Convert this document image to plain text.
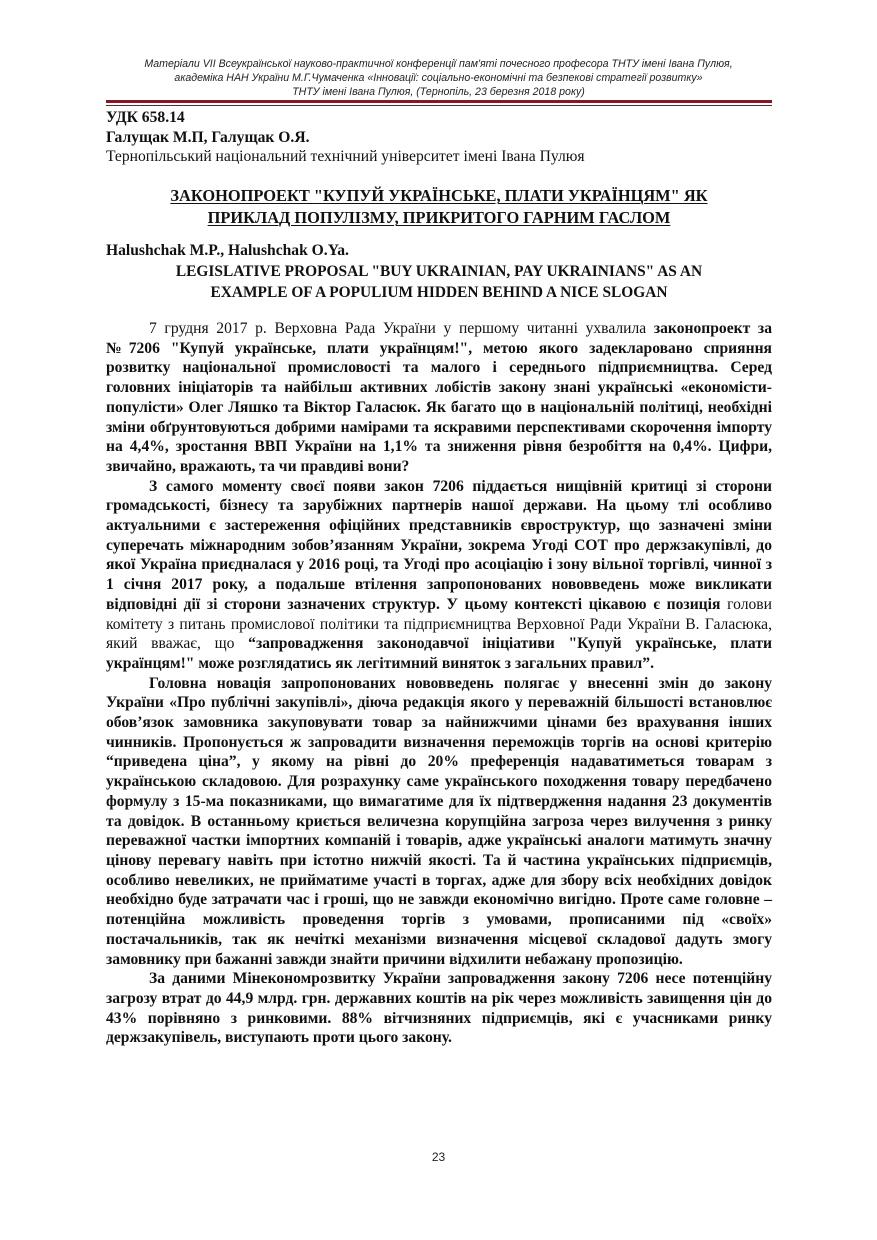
Матеріали VII Всеукраїнської науково-практичної конференції пам'яті почесного професора ТНТУ імені Івана Пулюя,
академіка НАН України М.Г.Чумаченка «Інновації: соціально-економічні та безпекові стратегії розвитку»
ТНТУ імені Івана Пулюя, (Тернопіль, 23 березня 2018 року)
УДК 658.14
Галущак М.П, Галущак О.Я.
Тернопільський національний технічний університет імені Івана Пулюя
ЗАКОНОПРОЕКТ "КУПУЙ УКРАЇНСЬКЕ, ПЛАТИ УКРАЇНЦЯМ" ЯК
ПРИКЛАД ПОПУЛІЗМУ, ПРИКРИТОГО ГАРНИМ ГАСЛОМ
Halushchak M.P., Halushchak O.Ya.
LEGISLATIVE PROPOSAL "BUY UKRAINIAN, PAY UKRAINIANS" AS AN
EXAMPLE OF A POPULIUM HIDDEN BEHIND A NICE SLOGAN

7 грудня 2017 р. Верховна Рада України у першому читанні ухвалила законопроект за №7206 "Купуй українське, плати українцям!", метою якого задекларовано сприяння розвитку національної промисловості та малого і середнього підприємництва. Серед головних ініціаторів та найбільш активних лобістів закону знані українські «економісти-популісти» Олег Ляшко та Віктор Галасюк. Як багато що в національній політиці, необхідні зміни обґрунтовуються добрими намірами та яскравими перспективами скорочення імпорту на 4,4%, зростання ВВП України на 1,1% та зниження рівня безробіття на 0,4%. Цифри, звичайно, вражають, та чи правдиві вони?

З самого моменту своєї появи закон 7206 піддається нищівній критиці зі сторони громадськості, бізнесу та зарубіжних партнерів нашої держави. На цьому тлі особливо актуальними є застереження офіційних представників євроструктур, що зазначені зміни суперечать міжнародним зобов’язанням України, зокрема Угоді СОТ про держзакупівлі, до якої Україна приєдналася у 2016 році, та Угоді про асоціацію і зону вільної торгівлі, чинної з 1 січня 2017 року, а подальше втілення запропонованих нововведень може викликати відповідні дії зі сторони зазначених структур. У цьому контексті цікавою є позиція голови комітету з питань промислової політики та підприємництва Верховної Ради України В. Галасюка, який вважає, що “запровадження законодавчої ініціативи "Купуй українське, плати українцям!" може розглядатись як легітимний виняток з загальних правил”.

Головна новація запропонованих нововведень полягає у внесенні змін до закону України «Про публічні закупівлі», діюча редакція якого у переважній більшості встановлює обов’язок замовника закуповувати товар за найнижчими цінами без врахування інших чинників. Пропонується ж запровадити визначення переможців торгів на основі критерію “приведена ціна”, у якому на рівні до 20% преференція надаватиметься товарам з українською складовою. Для розрахунку саме українського походження товару передбачено формулу з 15-ма показниками, що вимагатиме для їх підтвердження надання 23 документів та довідок. В останньому криється величезна корупційна загроза через вилучення з ринку переважної частки імпортних компаній і товарів, адже українські аналоги матимуть значну цінову перевагу навіть при істотно нижчій якості. Та й частина українських підприємців, особливо невеликих, не прийматиме участі в торгах, адже для збору всіх необхідних довідок необхідно буде затрачати час і гроші, що не завжди економічно вигідно. Проте саме головне – потенційна можливість проведення торгів з умовами, прописаними під «своїх» постачальників, так як нечіткі механізми визначення місцевої складової дадуть змогу замовнику при бажанні завжди знайти причини відхилити небажану пропозицію.

За даними Мінекономрозвитку України запровадження закону 7206 несе потенційну загрозу втрат до 44,9 млрд. грн. державних коштів на рік через можливість завищення цін до 43% порівняно з ринковими. 88% вітчизняних підприємців, які є учасниками ринку держзакупівель, виступають проти цього закону.

23
